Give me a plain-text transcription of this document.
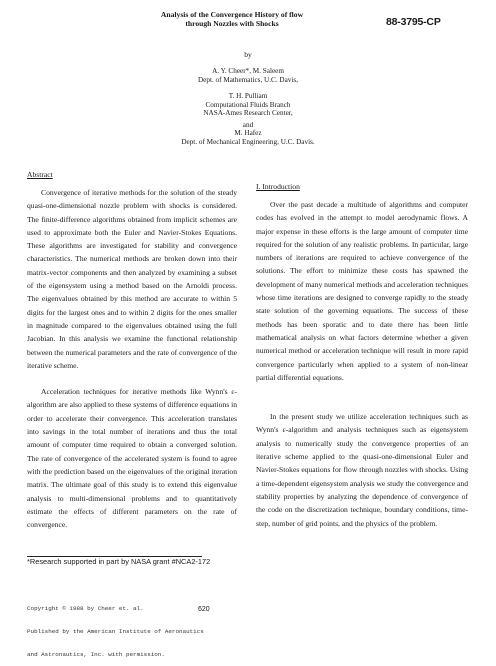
Analysis of the Convergence History of flow
through Nozzles with Shocks	88-3795-CP
by
A. Y. Cheer*, M. Saleem
Dept. of Mathematics, U.C. Davis,
T. H. Pulliam
Computational Fluids Branch
NASA-Ames Research Center,
and
M. Hafez
Dept. of Mechanical Engineering, U.C. Davis.
Abstract

Convergence of iterative methods for the solution of the steady quasi-one-dimensional nozzle problem with shocks is considered. The finite-difference algorithms obtained from implicit schemes are used to approximate both the Euler and Navier-Stokes Equations. These algorithms are investigated for stability and convergence characteristics. The numerical methods are broken down into their matrix-vector components and then analyzed by examining a subset of the eigensystem using a method based on the Arnoldi process. The eigenvalues obtained by this method are accurate to within 5 digits for the largest ones and to within 2 digits for the ones smaller in magnitude compared to the eigenvalues obtained using the full Jacobian. In this analysis we examine the functional relationship between the numerical parameters and the rate of convergence of the iterative scheme.

Acceleration techniques for iterative methods like Wynn's ε-algorithm are also applied to these systems of difference equations in order to accelerate their convergence. This acceleration translates into savings in the total number of iterations and thus the total amount of computer time required to obtain a converged solution. The rate of convergence of the accelerated system is found to agree with the prediction based on the eigenvalues of the original iteration matrix. The ultimate goal of this study is to extend this eigenvalue analysis to multi-dimensional problems and to quantitatively estimate the effects of different parameters on the rate of convergence.

I. Introduction

Over the past decade a multitude of algorithms and computer codes has evolved in the attempt to model aerodynamic flows. A major expense in these efforts is the large amount of computer time required for the solution of any realistic problems. In particular, large numbers of iterations are required to achieve convergence of the solutions. The effort to minimize these costs has spawned the development of many numerical methods and acceleration techniques whose time iterations are designed to converge rapidly to the steady state solution of the governing equations. The success of these methods has been sporatic and to date there has been little mathematical analysis on what factors determine whether a given numerical method or acceleration technique will result in more rapid convergence particularly when applied to a system of non-linear partial differential equations.

In the present study we utilize acceleration techniques such as Wynn's ε-algorithm and analysis techniques such as eigensystem analysis to numerically study the convergence properties of an iterative scheme applied to the quasi-one-dimensional Euler and Navier-Stokes equations for flow through nozzles with shocks. Using a time-dependent eigensystem analysis we study the convergence and stability properties by analyzing the dependence of convergence of the code on the discretization technique, boundary conditions, time-step, number of grid points, and the physics of the problem.

*Research supported in part by NASA grant #NCA2-172

Copyright © 1988 by Cheer et. al.

Published by the American Institute of Aeronautics

and Astronautics, Inc. with permission.

620
